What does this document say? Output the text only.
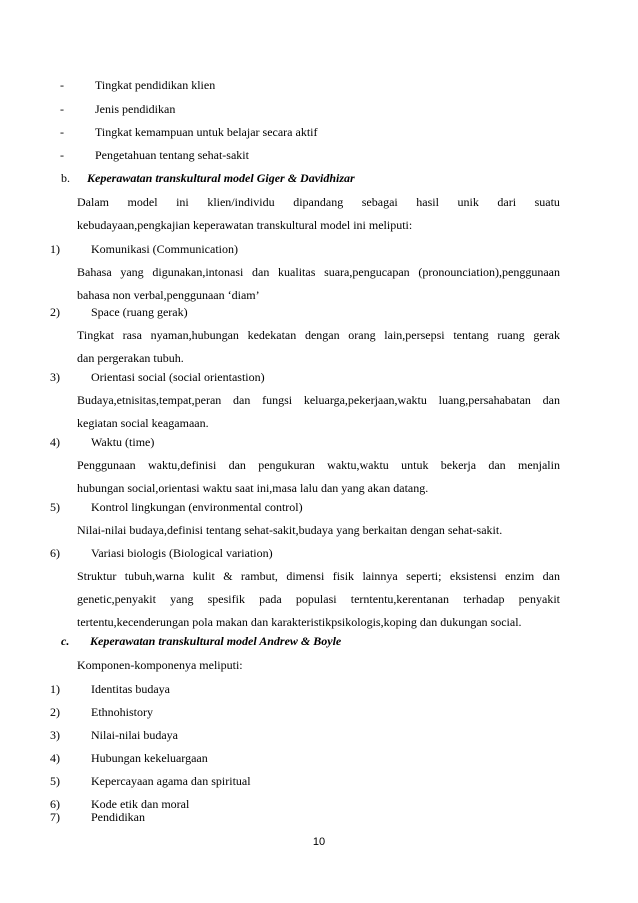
-	Tingkat pendidikan klien
-	Jenis pendidikan
-	Tingkat kemampuan untuk belajar secara aktif
-	Pengetahuan tentang sehat-sakit
b. Keperawatan transkultural model Giger & Davidhizar
Dalam model ini klien/individu dipandang sebagai hasil unik dari suatu
kebudayaan,pengkajian keperawatan transkultural model ini meliputi:
1)	Komunikasi (Communication)
Bahasa yang digunakan,intonasi dan kualitas suara,pengucapan (pronounciation),penggunaan
bahasa non verbal,penggunaan ‘diam’
2)	Space (ruang gerak)
Tingkat rasa nyaman,hubungan kedekatan dengan orang lain,persepsi tentang ruang gerak
dan pergerakan tubuh.
3)	Orientasi social (social orientastion)
Budaya,etnisitas,tempat,peran dan fungsi keluarga,pekerjaan,waktu luang,persahabatan dan
kegiatan social keagamaan.
4)	Waktu (time)
Penggunaan waktu,definisi dan pengukuran waktu,waktu untuk bekerja dan menjalin
hubungan social,orientasi waktu saat ini,masa lalu dan yang akan datang.
5)	Kontrol lingkungan (environmental control)
Nilai-nilai budaya,definisi tentang sehat-sakit,budaya yang berkaitan dengan sehat-sakit.
6)	Variasi biologis (Biological variation)
Struktur tubuh,warna kulit & rambut, dimensi fisik lainnya seperti; eksistensi enzim dan
genetic,penyakit yang spesifik pada populasi terntentu,kerentanan terhadap penyakit
tertentu,kecenderungan pola makan dan karakteristikpsikologis,koping dan dukungan social.
c. Keperawatan transkultural model Andrew & Boyle
Komponen-komponenya meliputi:
1)	Identitas budaya
2)	Ethnohistory
3)	Nilai-nilai budaya
4)	Hubungan kekeluargaan
5)	Kepercayaan agama dan spiritual
6)	Kode etik dan moral
7)	Pendidikan
10
